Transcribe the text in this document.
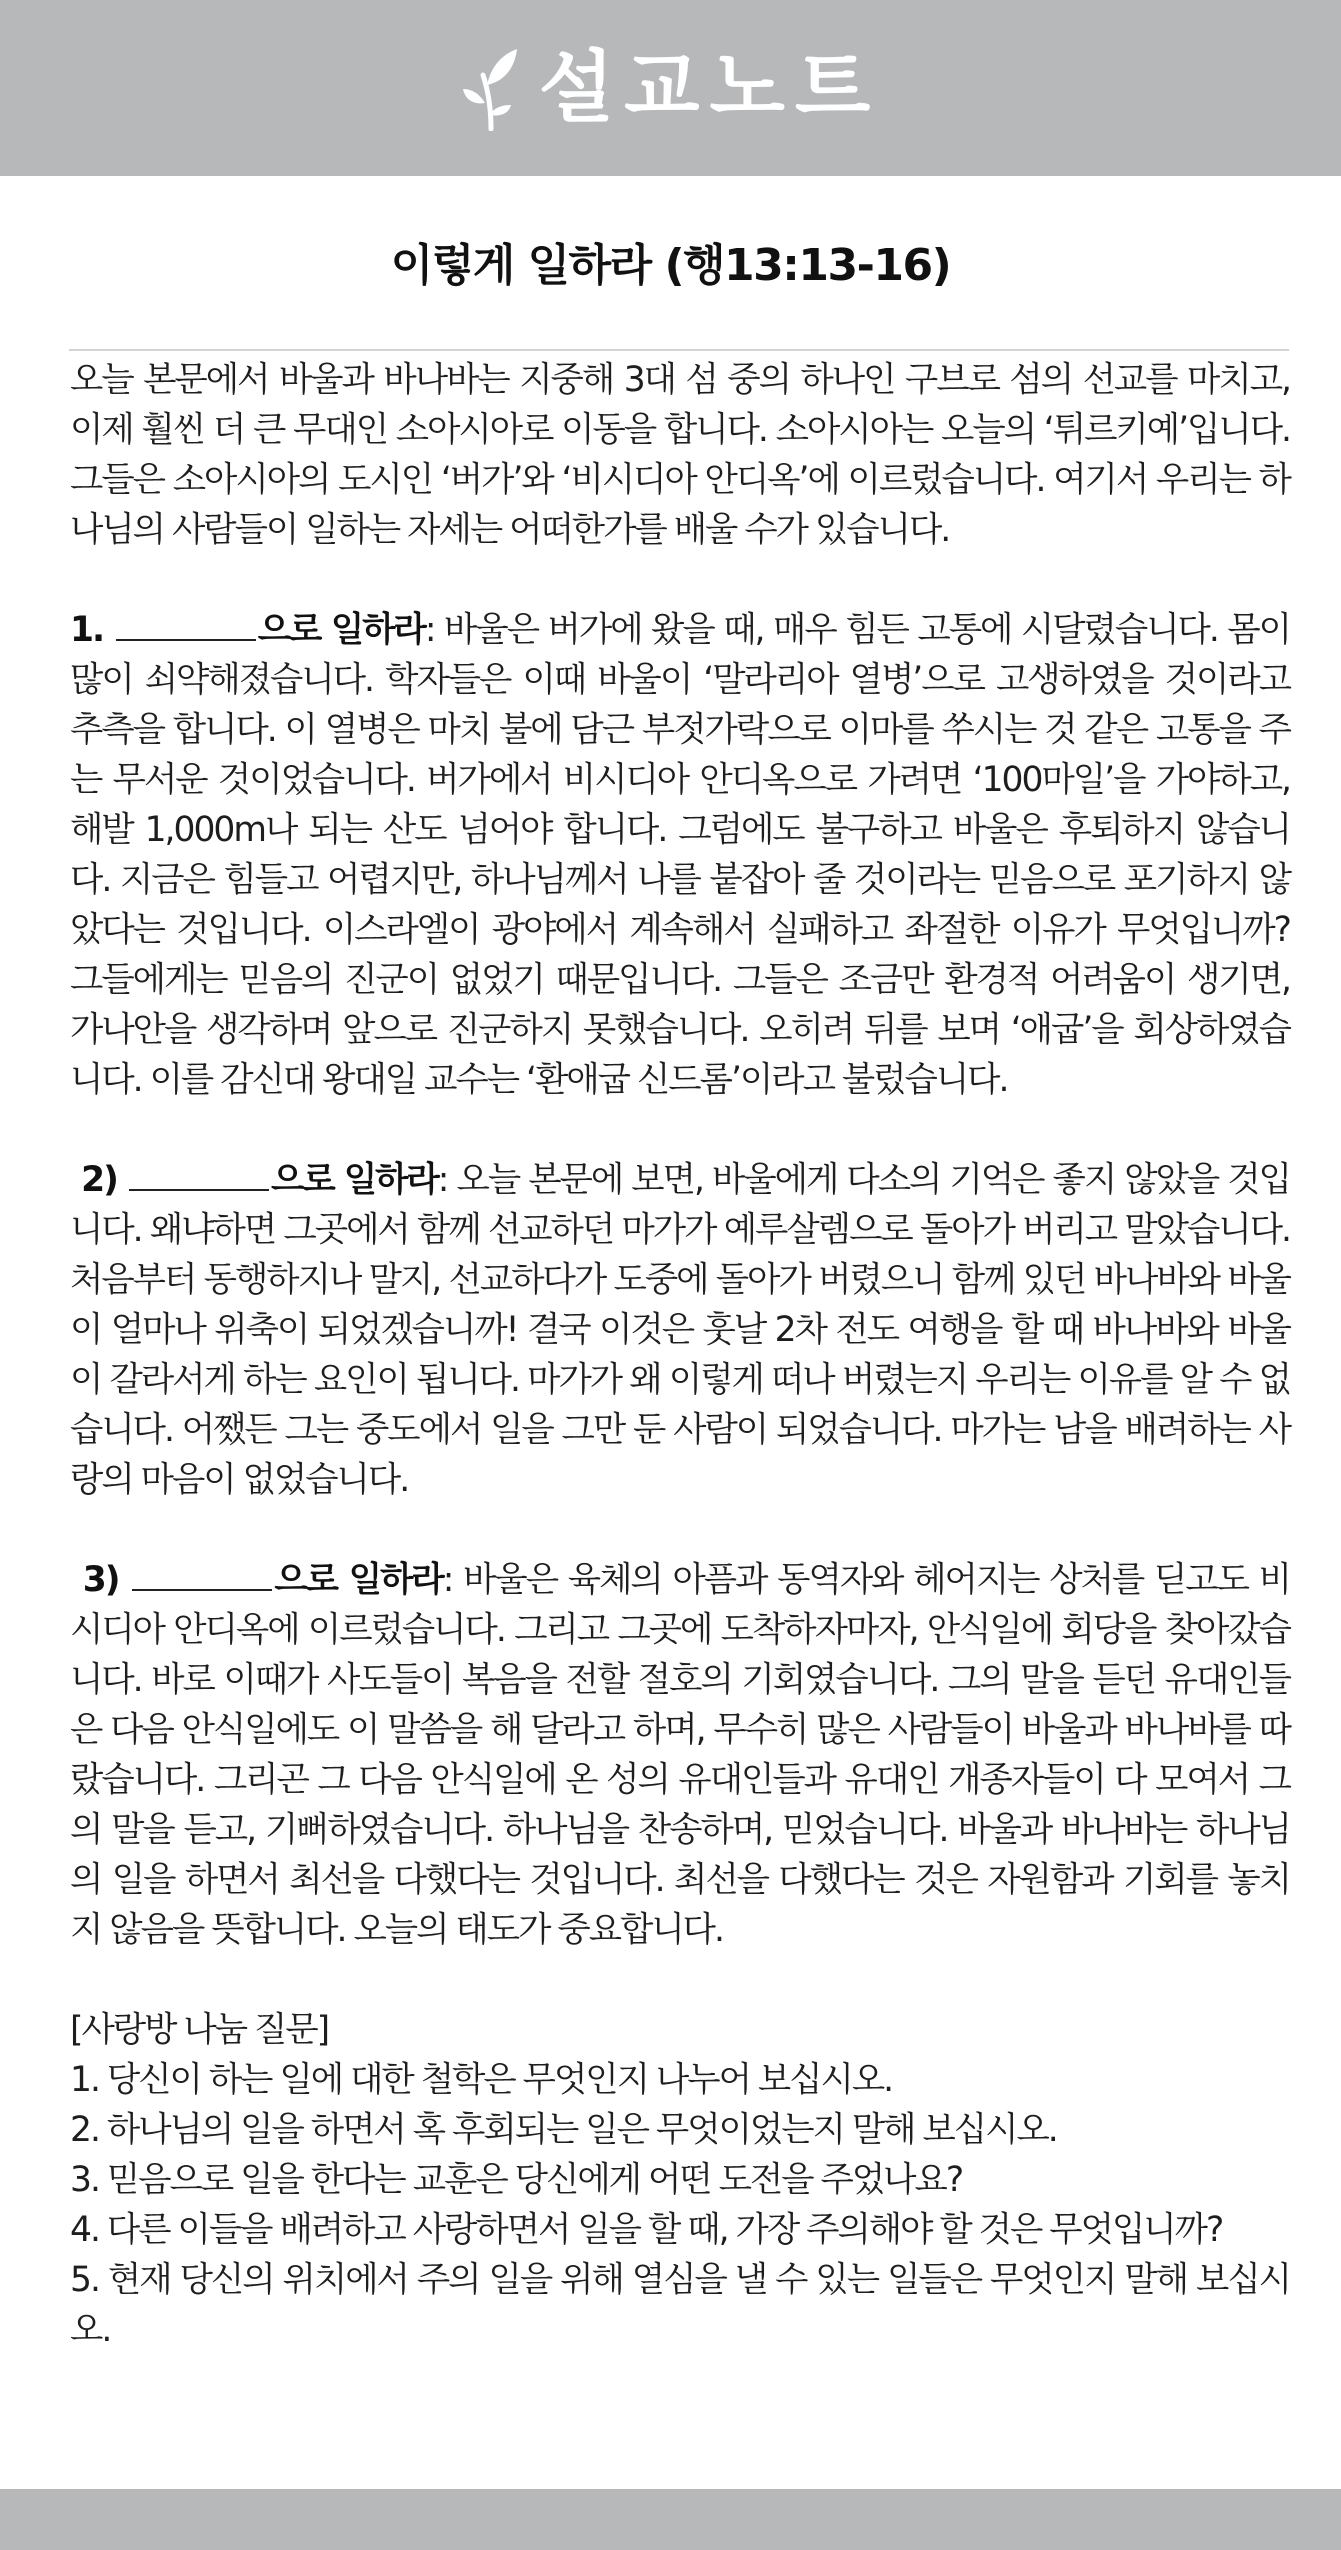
설교노트
이렇게 일하라 (행13:13-16)

오늘 본문에서 바울과 바나바는 지중해 3대 섬 중의 하나인 구브로 섬의 선교를 마치고, 이제 훨씬 더 큰 무대인 소아시아로 이동을 합니다. 소아시아는 오늘의 ‘튀르키예’입니다. 그들은 소아시아의 도시인 ‘버가’와 ‘비시디아 안디옥’에 이르렀습니다. 여기서 우리는 하나님의 사람들이 일하는 자세는 어떠한가를 배울 수가 있습니다.

1.	으로 일하라: 바울은 버가에 왔을 때, 매우 힘든 고통에 시달렸습니다. 몸이 많이 쇠약해졌습니다. 학자들은 이때 바울이 ‘말라리아 열병’으로 고생하였을 것이라고 추측을 합니다. 이 열병은 마치 불에 담근 부젓가락으로 이마를 쑤시는 것 같은 고통을 주는 무서운 것이었습니다. 버가에서 비시디아 안디옥으로 가려면 ‘100마일’을 가야하고, 해발 1,000m나 되는 산도 넘어야 합니다. 그럼에도 불구하고 바울은 후퇴하지 않습니다. 지금은 힘들고 어렵지만, 하나님께서 나를 붙잡아 줄 것이라는 믿음으로 포기하지 않았다는 것입니다. 이스라엘이 광야에서 계속해서 실패하고 좌절한 이유가 무엇입니까? 그들에게는 믿음의 진군이 없었기 때문입니다. 그들은 조금만 환경적 어려움이 생기면, 가나안을 생각하며 앞으로 진군하지 못했습니다. 오히려 뒤를 보며 ‘애굽’을 회상하였습니다. 이를 감신대 왕대일 교수는 ‘환애굽 신드롬’이라고 불렀습니다.

2)	으로 일하라: 오늘 본문에 보면, 바울에게 다소의 기억은 좋지 않았을 것입니다. 왜냐하면 그곳에서 함께 선교하던 마가가 예루살렘으로 돌아가 버리고 말았습니다. 처음부터 동행하지나 말지, 선교하다가 도중에 돌아가 버렸으니 함께 있던 바나바와 바울이 얼마나 위축이 되었겠습니까! 결국 이것은 훗날 2차 전도 여행을 할 때 바나바와 바울이 갈라서게 하는 요인이 됩니다. 마가가 왜 이렇게 떠나 버렸는지 우리는 이유를 알 수 없습니다. 어쨌든 그는 중도에서 일을 그만 둔 사람이 되었습니다. 마가는 남을 배려하는 사랑의 마음이 없었습니다.

3)	으로 일하라: 바울은 육체의 아픔과 동역자와 헤어지는 상처를 딛고도 비시디아 안디옥에 이르렀습니다. 그리고 그곳에 도착하자마자, 안식일에 회당을 찾아갔습니다. 바로 이때가 사도들이 복음을 전할 절호의 기회였습니다. 그의 말을 듣던 유대인들은 다음 안식일에도 이 말씀을 해 달라고 하며, 무수히 많은 사람들이 바울과 바나바를 따랐습니다. 그리곤 그 다음 안식일에 온 성의 유대인들과 유대인 개종자들이 다 모여서 그의 말을 듣고, 기뻐하였습니다. 하나님을 찬송하며, 믿었습니다. 바울과 바나바는 하나님의 일을 하면서 최선을 다했다는 것입니다. 최선을 다했다는 것은 자원함과 기회를 놓치지 않음을 뜻합니다. 오늘의 태도가 중요합니다.

[사랑방 나눔 질문]

1. 당신이 하는 일에 대한 철학은 무엇인지 나누어 보십시오.

2. 하나님의 일을 하면서 혹 후회되는 일은 무엇이었는지 말해 보십시오.

3. 믿음으로 일을 한다는 교훈은 당신에게 어떤 도전을 주었나요?

4. 다른 이들을 배려하고 사랑하면서 일을 할 때, 가장 주의해야 할 것은 무엇입니까?

5. 현재 당신의 위치에서 주의 일을 위해 열심을 낼 수 있는 일들은 무엇인지 말해 보십시오.
